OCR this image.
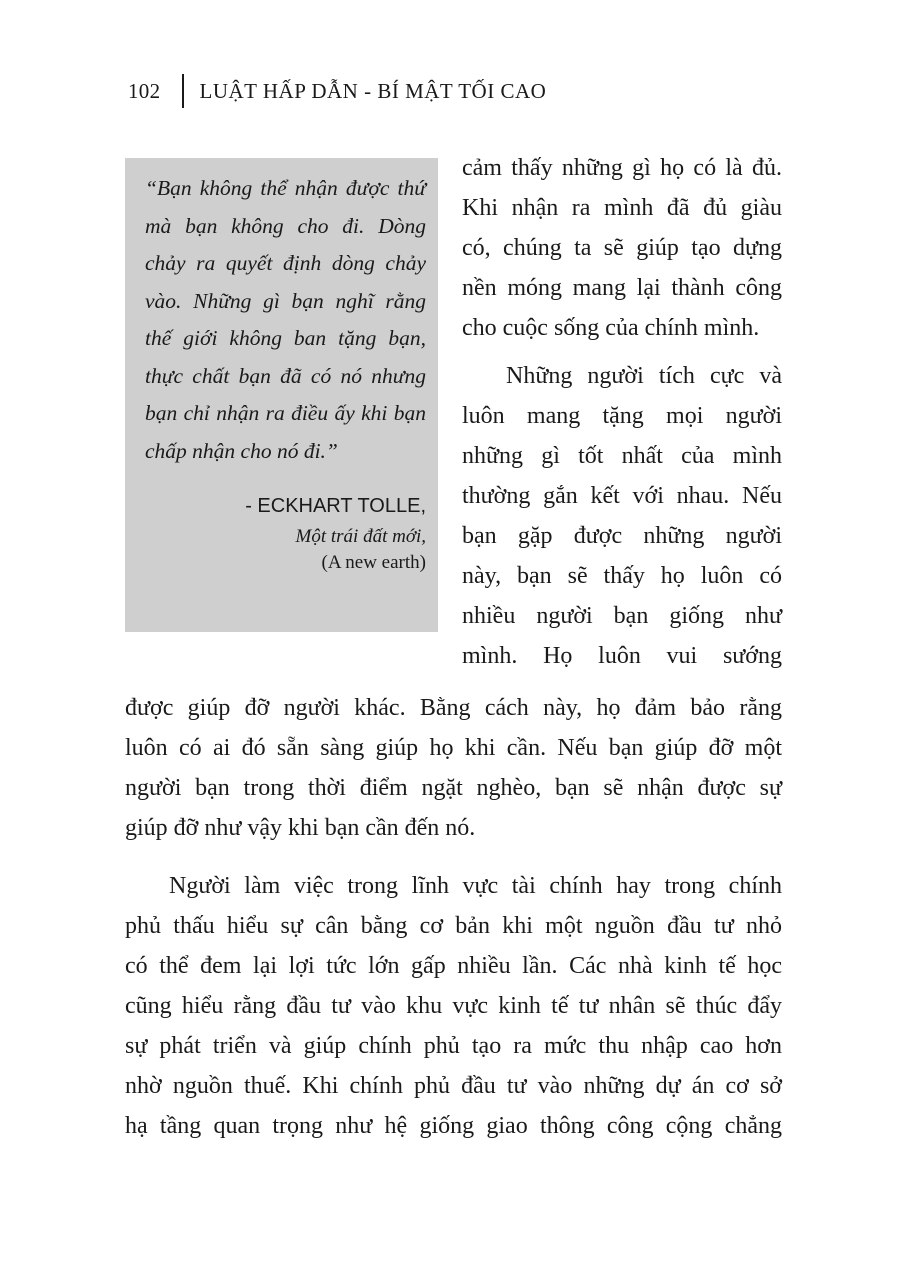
102	LUẬT HẤP DẪN - BÍ MẬT TỐI CAO

“Bạn không thể nhận được thứ mà bạn không cho đi. Dòng chảy ra quyết định dòng chảy vào. Những gì bạn nghĩ rằng thế giới không ban tặng bạn, thực chất bạn đã có nó nhưng bạn chỉ nhận ra điều ấy khi bạn chấp nhận cho nó đi.”

- ECKHART TOLLE,
Một trái đất mới,
(A new earth)

cảm thấy những gì họ có là đủ.

Khi nhận ra mình đã đủ giàu

có, chúng ta sẽ giúp tạo dựng

nền móng mang lại thành công

cho cuộc sống của chính mình.

Những người tích cực và

luôn mang tặng mọi người

những gì tốt nhất của mình

thường gắn kết với nhau. Nếu

bạn gặp được những người

này, bạn sẽ thấy họ luôn có

nhiều người bạn giống như

mình. Họ luôn vui sướng

được giúp đỡ người khác. Bằng cách này, họ đảm bảo rằng

luôn có ai đó sẵn sàng giúp họ khi cần. Nếu bạn giúp đỡ một

người bạn trong thời điểm ngặt nghèo, bạn sẽ nhận được sự

giúp đỡ như vậy khi bạn cần đến nó.

Người làm việc trong lĩnh vực tài chính hay trong chính

phủ thấu hiểu sự cân bằng cơ bản khi một nguồn đầu tư nhỏ

có thể đem lại lợi tức lớn gấp nhiều lần. Các nhà kinh tế học

cũng hiểu rằng đầu tư vào khu vực kinh tế tư nhân sẽ thúc đẩy

sự phát triển và giúp chính phủ tạo ra mức thu nhập cao hơn

nhờ nguồn thuế. Khi chính phủ đầu tư vào những dự án cơ sở

hạ tầng quan trọng như hệ giống giao thông công cộng chẳng
